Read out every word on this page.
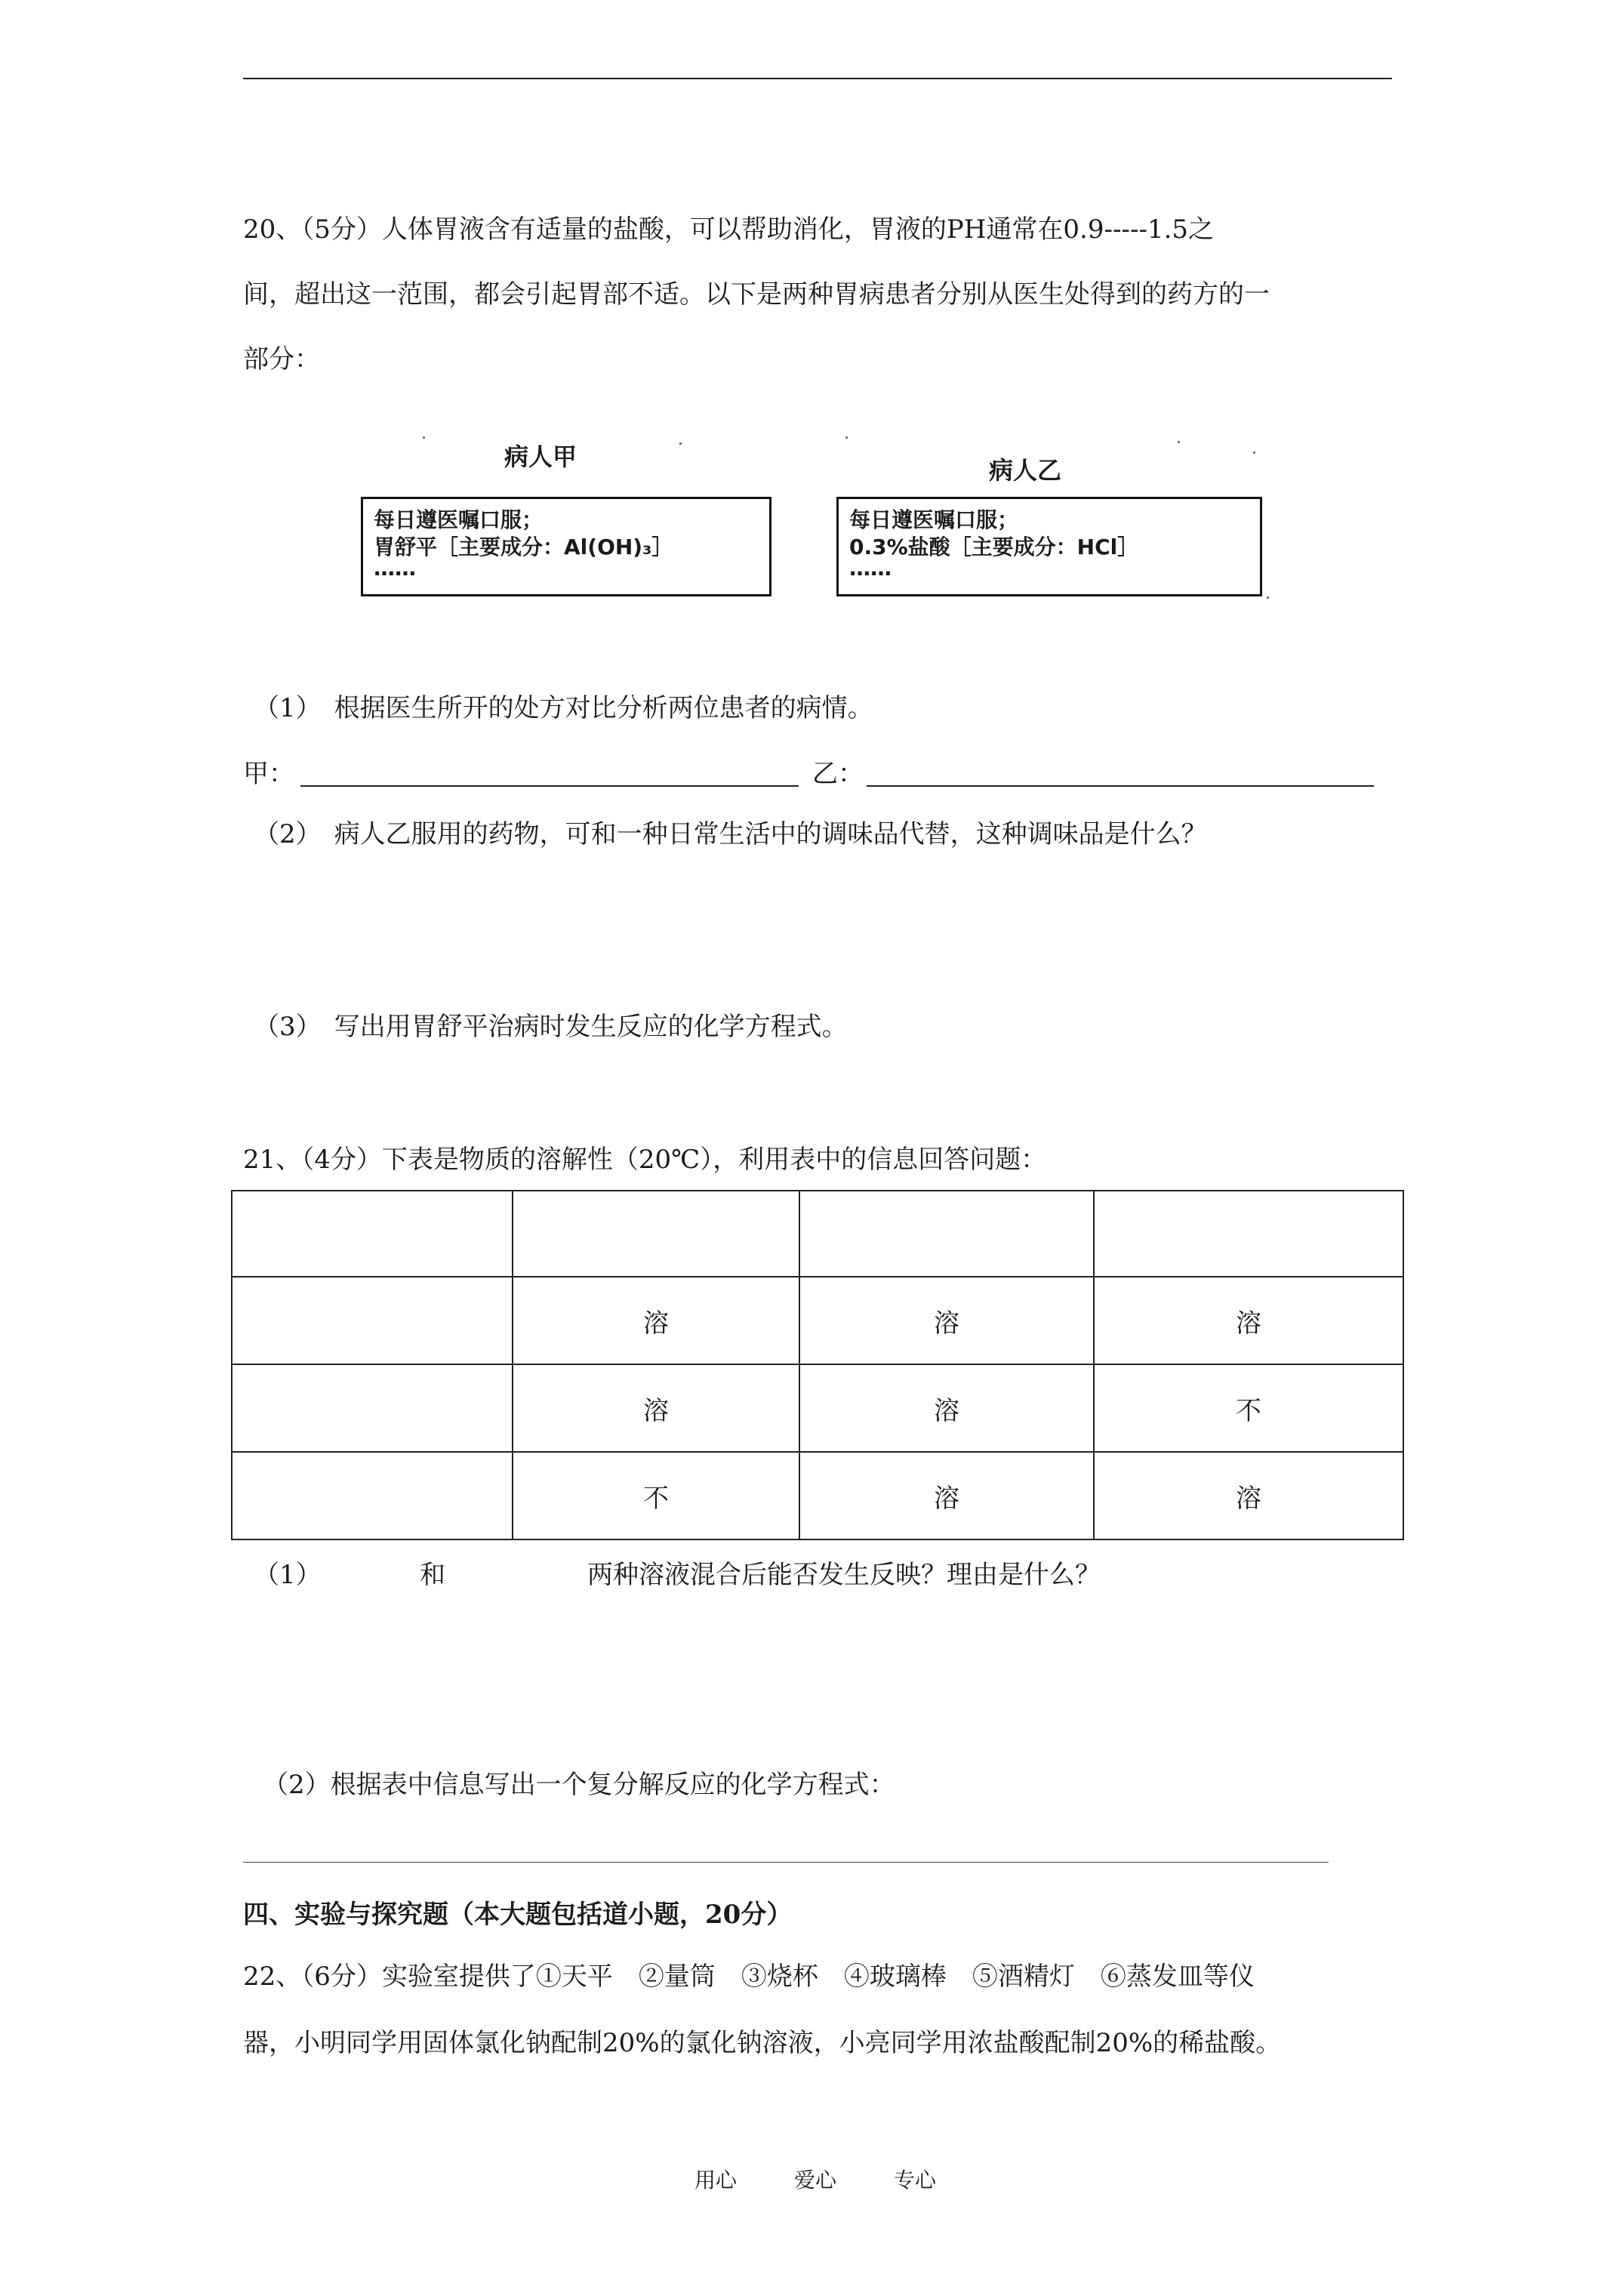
20、（5分）人体胃液含有适量的盐酸，可以帮助消化，胃液的PH通常在0.9-----1.5之
间，超出这一范围，都会引起胃部不适。以下是两种胃病患者分别从医生处得到的药方的一
部分：
病人甲
每日遵医嘱口服；
胃舒平［主要成分：Al(OH)₃］
……
病人乙
每日遵医嘱口服；
0.3%盐酸［主要成分：HCl］
……
（1）　根据医生所开的处方对比分析两位患者的病情。
甲：	乙：
（2）　病人乙服用的药物，可和一种日常生活中的调味品代替，这种调味品是什么？
（3）　写出用胃舒平治病时发生反应的化学方程式。
21、（4分）下表是物质的溶解性（20℃），利用表中的信息回答问题：

	溶	溶	溶
	溶	溶	不
	不	溶	溶
（1）	和	两种溶液混合后能否发生反映？理由是什么？
（2）根据表中信息写出一个复分解反应的化学方程式：
四、实验与探究题（本大题包括道小题，20分）
22、（6分）实验室提供了①天平　②量筒　③烧杯　④玻璃棒　⑤酒精灯　⑥蒸发皿等仪
器，小明同学用固体氯化钠配制20%的氯化钠溶液，小亮同学用浓盐酸配制20%的稀盐酸。
用心	爱心	专心
